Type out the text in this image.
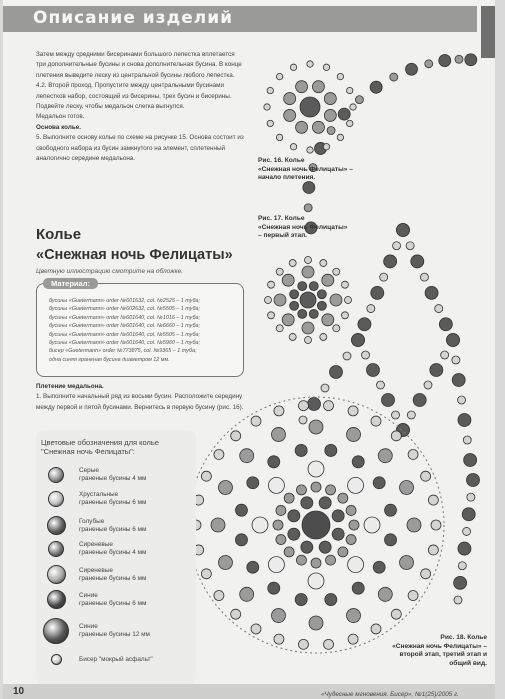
Описание изделий

Затем между средними бисеринами большого лепестка вплетается три дополнительные бусины и снова дополнительная бусина. В конце плетения выведите леску из центральной бусины любого лепестка.

4.2. Второй проход. Пропустите между центральными бусинами лепестков набор, состоящий из бисерины, трех бусин и бисерины. Подвейте леску, чтобы медальон слегка выгнулся.

Медальон готов.

Основа колье.

5. Выполните основу колье по схеме на рисунке 15. Основа состоит из свободного набора из бусин замкнутого на элемент, сплетенный аналогично середине медальона.

Колье
«Снежная ночь Фелицаты»
Цветную иллюстрацию смотрите на обложке.
Материал:
бусины «Guetermann» order №601632, col. №2525 – 1 туба;
бусины «Guetermann» order №602632, col. №5505 – 1 туба;
бусины «Guetermann» order №601640, col. №1016 – 1 туба;
бусины «Guetermann» order №601640, col. №6660 – 1 туба;
бусины «Guetermann» order №601640, col. №5505 – 1 туба;
бусины «Guetermann» order №601640, col. №5960 – 1 туба;
бисер «Guetermann» order №773875, col. №9365 – 1 туба;
одна синяя граненая бусина диаметром 12 мм.

Плетение медальона.

1. Выполните начальный ряд из восьми бусин. Расположите середину между первой и пятой бусинами. Вернитесь в первую бусину (рис. 16).

Рис. 16. Колье
«Снежная ночь Фелицаты» –
начало плетения.
Рис. 17. Колье
«Снежная ночь Фелицаты»
– первый этап.
Рис. 18. Колье
«Снежная ночь Фелицаты» –
второй этап, третий этап и
общий вид.
Цветовые обозначения для колье "Снежная ночь Фелицаты":
Серые
граненые бусины 4 мм
Хрустальные
граненые бусины 6 мм
Голубые
граненые бусины 6 мм
Сиреневые
граненые бусины 4 мм
Сиреневые
граненые бусины 6 мм
Синие
граненые бусины 6 мм
Синие
граненые бусины 12 мм
Бисер "мокрый асфальт"
10	«Чудесные мгновения. Бисер», №1(25)/2005 г.
